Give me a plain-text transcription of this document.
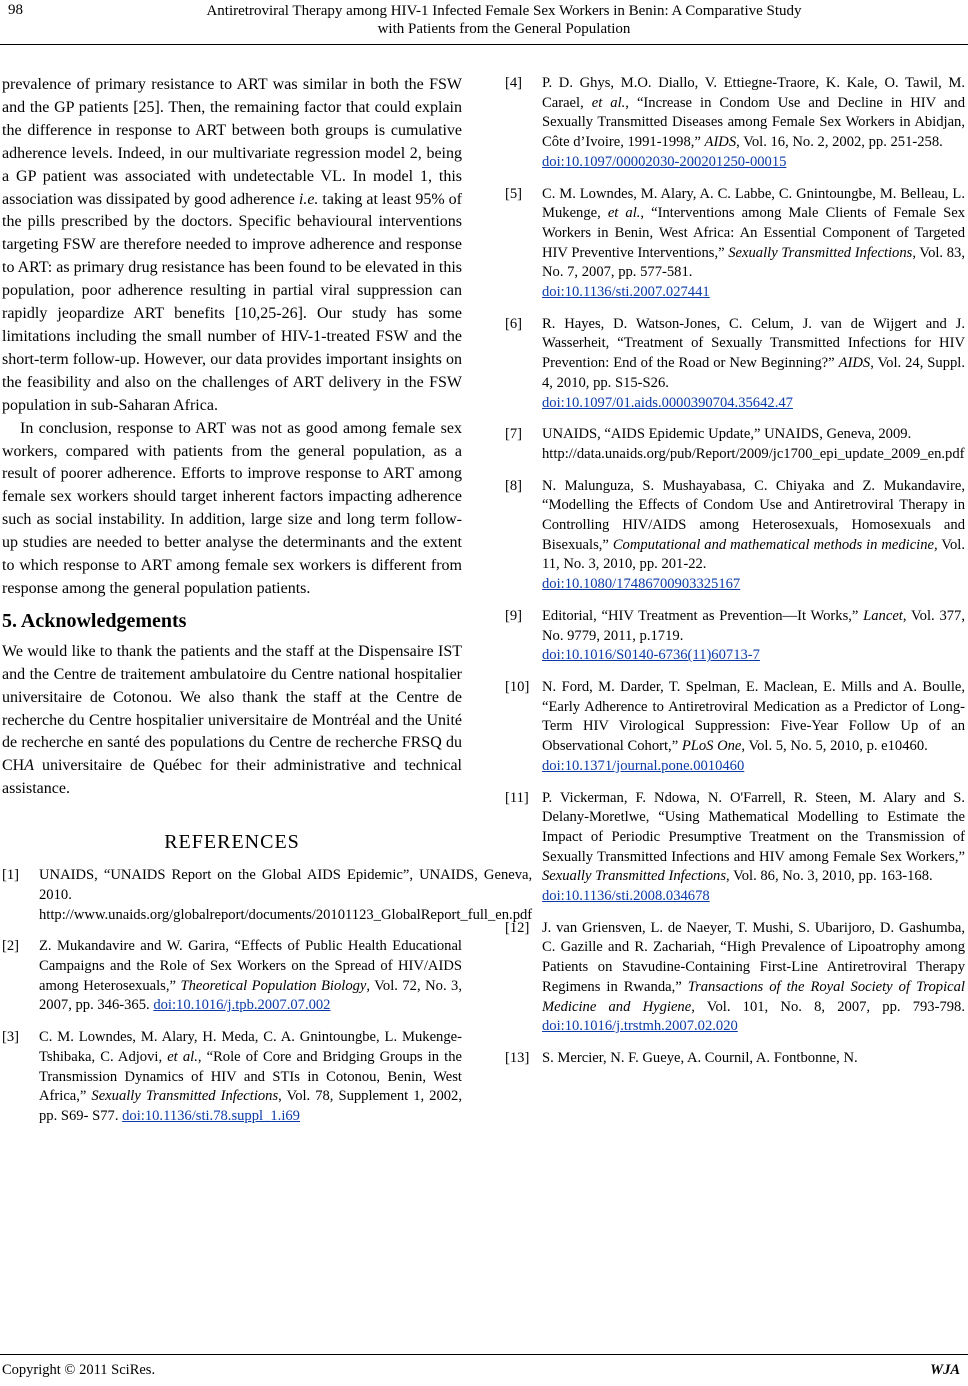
98	Antiretroviral Therapy among HIV-1 Infected Female Sex Workers in Benin: A Comparative Study
with Patients from the General Population

prevalence of primary resistance to ART was similar in both the FSW and the GP patients [25]. Then, the remaining factor that could explain the difference in response to ART between both groups is cumulative adherence levels. Indeed, in our multivariate regression model 2, being a GP patient was associated with undetectable VL. In model 1, this association was dissipated by good adherence i.e. taking at least 95% of the pills prescribed by the doctors. Specific behavioural interventions targeting FSW are therefore needed to improve adherence and response to ART: as primary drug resistance has been found to be elevated in this population, poor adherence resulting in partial viral suppression can rapidly jeopardize ART benefits [10,25-26]. Our study has some limitations including the small number of HIV-1-treated FSW and the short-term follow-up. However, our data provides important insights on the feasibility and also on the challenges of ART delivery in the FSW population in sub-Saharan Africa.

In conclusion, response to ART was not as good among female sex workers, compared with patients from the general population, as a result of poorer adherence. Efforts to improve response to ART among female sex workers should target inherent factors impacting adherence such as social instability. In addition, large size and long term follow-up studies are needed to better analyse the determinants and the extent to which response to ART among female sex workers is different from response among the general population patients.

5. Acknowledgements

We would like to thank the patients and the staff at the Dispensaire IST and the Centre de traitement ambulatoire du Centre national hospitalier universitaire de Cotonou. We also thank the staff at the Centre de recherche du Centre hospitalier universitaire de Montréal and the Unité de recherche en santé des populations du Centre de recherche FRSQ du CHA universitaire de Québec for their administrative and technical assistance.

REFERENCES
[1]	UNAIDS, “UNAIDS Report on the Global AIDS Epidemic”, UNAIDS, Geneva, 2010.
http://www.unaids.org/globalreport/documents/20101123_GlobalReport_full_en.pdf
[2]	Z. Mukandavire and W. Garira, “Effects of Public Health Educational Campaigns and the Role of Sex Workers on the Spread of HIV/AIDS among Heterosexuals,” Theoretical Population Biology, Vol. 72, No. 3, 2007, pp. 346-365. doi:10.1016/j.tpb.2007.07.002
[3]	C. M. Lowndes, M. Alary, H. Meda, C. A. Gnintoungbe, L. Mukenge-Tshibaka, C. Adjovi, et al., “Role of Core and Bridging Groups in the Transmission Dynamics of HIV and STIs in Cotonou, Benin, West Africa,” Sexually Transmitted Infections, Vol. 78, Supplement 1, 2002, pp. S69- S77. doi:10.1136/sti.78.suppl_1.i69
[4]	P. D. Ghys, M.O. Diallo, V. Ettiegne-Traore, K. Kale, O. Tawil, M. Carael, et al., “Increase in Condom Use and Decline in HIV and Sexually Transmitted Diseases among Female Sex Workers in Abidjan, Côte d’Ivoire, 1991-1998,” AIDS, Vol. 16, No. 2, 2002, pp. 251-258.
doi:10.1097/00002030-200201250-00015
[5]	C. M. Lowndes, M. Alary, A. C. Labbe, C. Gnintoungbe, M. Belleau, L. Mukenge, et al., “Interventions among Male Clients of Female Sex Workers in Benin, West Africa: An Essential Component of Targeted HIV Preventive Interventions,” Sexually Transmitted Infections, Vol. 83, No. 7, 2007, pp. 577-581.
doi:10.1136/sti.2007.027441
[6]	R. Hayes, D. Watson-Jones, C. Celum, J. van de Wijgert and J. Wasserheit, “Treatment of Sexually Transmitted Infections for HIV Prevention: End of the Road or New Beginning?” AIDS, Vol. 24, Suppl. 4, 2010, pp. S15-S26.
doi:10.1097/01.aids.0000390704.35642.47
[7]	UNAIDS, “AIDS Epidemic Update,” UNAIDS, Geneva, 2009.
http://data.unaids.org/pub/Report/2009/jc1700_epi_update_2009_en.pdf
[8]	N. Malunguza, S. Mushayabasa, C. Chiyaka and Z. Mukandavire, “Modelling the Effects of Condom Use and Antiretroviral Therapy in Controlling HIV/AIDS among Heterosexuals, Homosexuals and Bisexuals,” Computational and mathematical methods in medicine, Vol. 11, No. 3, 2010, pp. 201-22.
doi:10.1080/17486700903325167
[9]	Editorial, “HIV Treatment as Prevention—It Works,” Lancet, Vol. 377, No. 9779, 2011, p.1719.
doi:10.1016/S0140-6736(11)60713-7
[10] N. Ford, M. Darder, T. Spelman, E. Maclean, E. Mills and A. Boulle, “Early Adherence to Antiretroviral Medication as a Predictor of Long-Term HIV Virological Suppression: Five-Year Follow Up of an Observational Cohort,” PLoS One, Vol. 5, No. 5, 2010, p. e10460.
doi:10.1371/journal.pone.0010460
[11] P. Vickerman, F. Ndowa, N. O'Farrell, R. Steen, M. Alary and S. Delany-Moretlwe, “Using Mathematical Modelling to Estimate the Impact of Periodic Presumptive Treatment on the Transmission of Sexually Transmitted Infections and HIV among Female Sex Workers,” Sexually Transmitted Infections, Vol. 86, No. 3, 2010, pp. 163-168.
doi:10.1136/sti.2008.034678
[12] J. van Griensven, L. de Naeyer, T. Mushi, S. Ubarijoro, D. Gashumba, C. Gazille and R. Zachariah, “High Prevalence of Lipoatrophy among Patients on Stavudine-Containing First-Line Antiretroviral Therapy Regimens in Rwanda,” Transactions of the Royal Society of Tropical Medicine and Hygiene, Vol. 101, No. 8, 2007, pp. 793-798. doi:10.1016/j.trstmh.2007.02.020
[13] S. Mercier, N. F. Gueye, A. Cournil, A. Fontbonne, N.
Copyright © 2011 SciRes.	WJA
